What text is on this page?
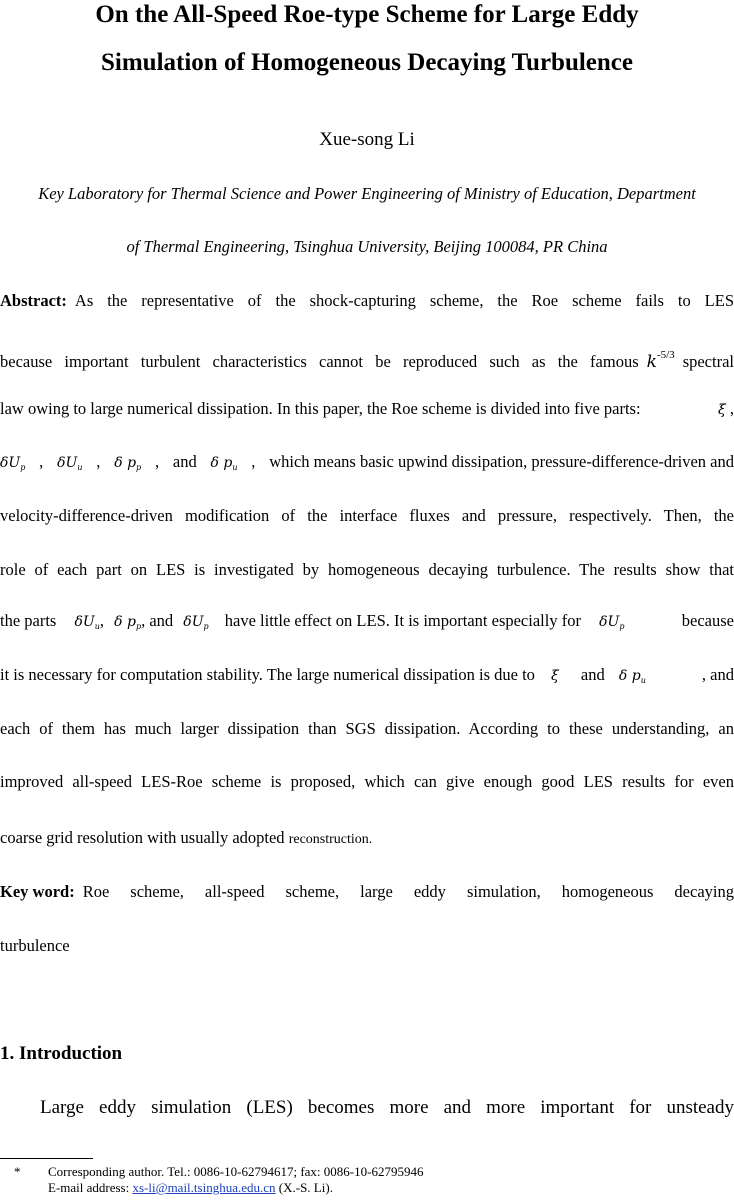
On the All-Speed Roe-type Scheme for Large Eddy
Simulation of Homogeneous Decaying Turbulence
Xue-song Li
Key Laboratory for Thermal Science and Power Engineering of Ministry of Education, Department
of Thermal Engineering, Tsinghua University, Beijing 100084, PR China
Abstract: As the representative of the shock-capturing scheme, the Roe scheme fails to LES
because important turbulent characteristics cannot be reproduced such as the famous $k^{-5/3}$ spectral
law owing to large numerical dissipation. In this paper, the Roe scheme is divided into five parts:	ξ ,
$\delta U_p$ , $\delta U_u$ , δ $p_p$ , and δ $p_u$ , which means basic upwind dissipation, pressure-difference-driven and
velocity-difference-driven modification of the interface fluxes and pressure, respectively. Then, the
role of each part on LES is investigated by homogeneous decaying turbulence. The results show that
the parts $\delta U_u$, δ $p_p$, and $\delta U_p$ have little effect on LES. It is important especially for $\delta U_p$	because
it is necessary for computation stability. The large numerical dissipation is due to ξ and δ $p_u$	, and
each of them has much larger dissipation than SGS dissipation. According to these understanding, an
improved all-speed LES-Roe scheme is proposed, which can give enough good LES results for even
coarse grid resolution with usually adopted reconstruction.
Key word: Roe scheme, all-speed scheme, large eddy simulation, homogeneous decaying
turbulence
1. Introduction
Large eddy simulation (LES) becomes more and more important for unsteady
* Corresponding author. Tel.: 0086-10-62794617; fax: 0086-10-62795946
E-mail address: xs-li@mail.tsinghua.edu.cn (X.-S. Li).
